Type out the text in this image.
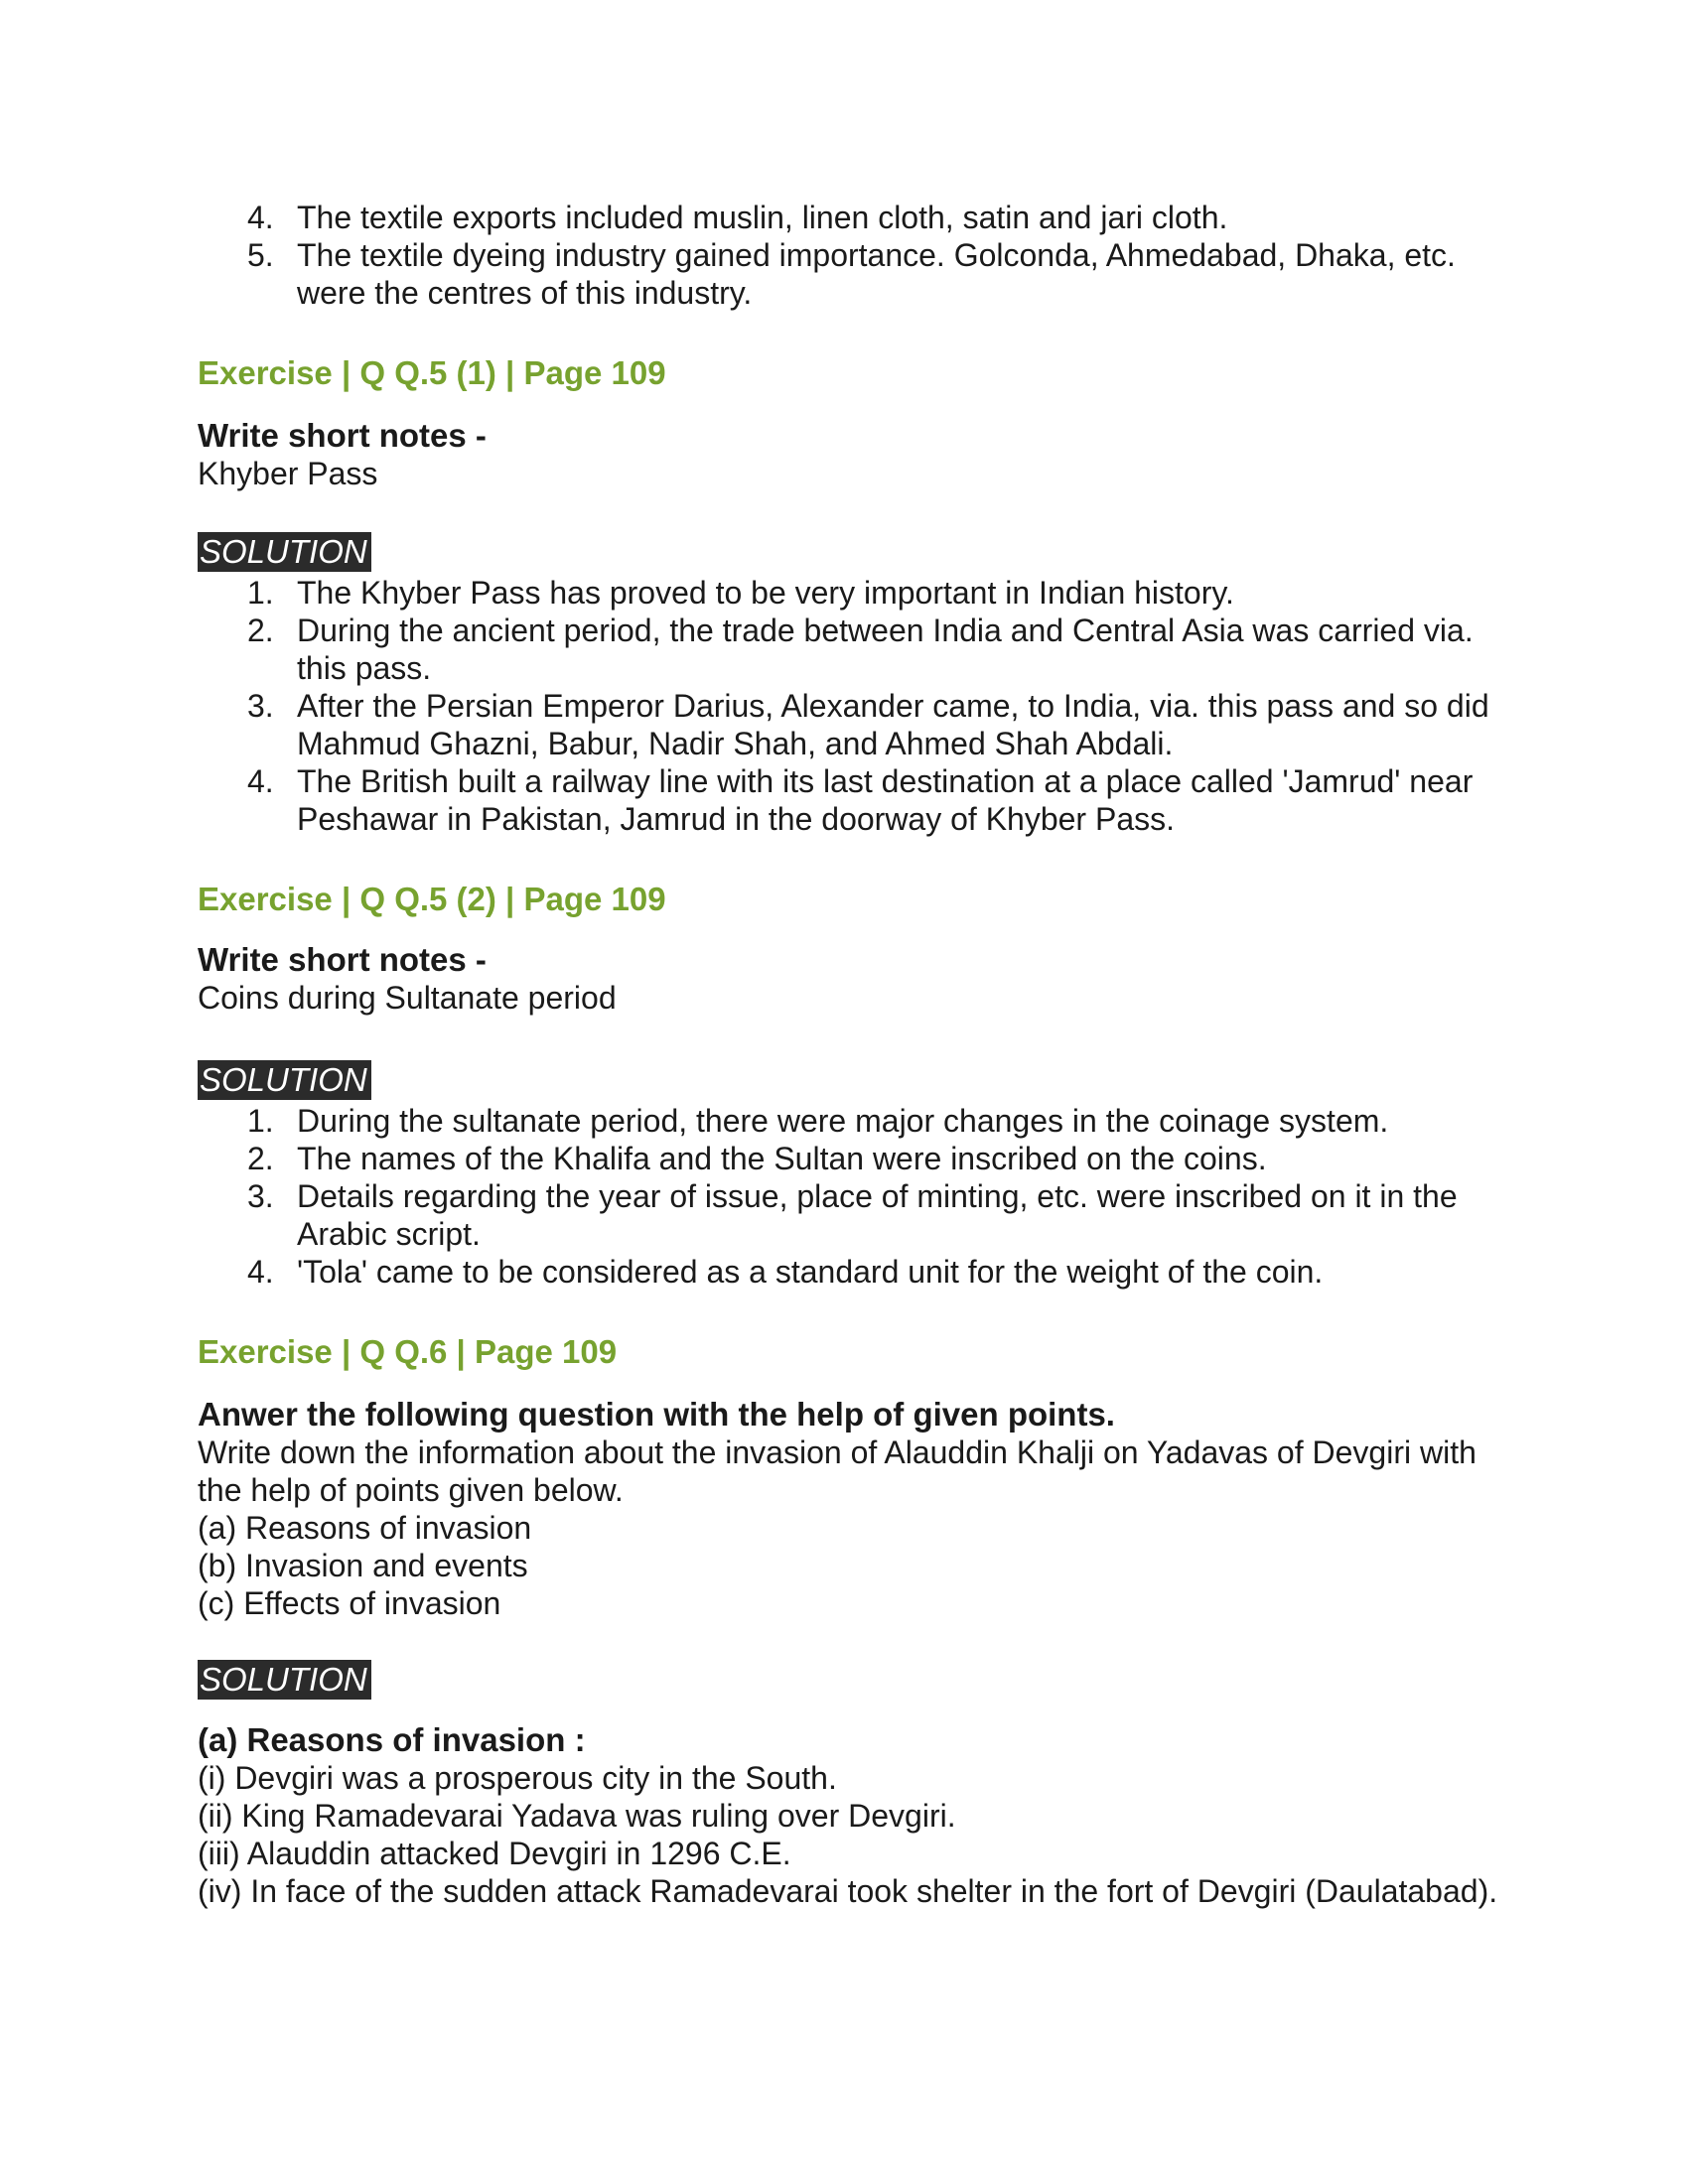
4. The textile exports included muslin, linen cloth, satin and jari cloth.
5. The textile dyeing industry gained importance. Golconda, Ahmedabad, Dhaka, etc. were the centres of this industry.
Exercise | Q Q.5 (1) | Page 109
Write short notes -
Khyber Pass
SOLUTION
1. The Khyber Pass has proved to be very important in Indian history.
2. During the ancient period, the trade between India and Central Asia was carried via. this pass.
3. After the Persian Emperor Darius, Alexander came, to India, via. this pass and so did Mahmud Ghazni, Babur, Nadir Shah, and Ahmed Shah Abdali.
4. The British built a railway line with its last destination at a place called 'Jamrud' near Peshawar in Pakistan, Jamrud in the doorway of Khyber Pass.
Exercise | Q Q.5 (2) | Page 109
Write short notes -
Coins during Sultanate period
SOLUTION
1. During the sultanate period, there were major changes in the coinage system.
2. The names of the Khalifa and the Sultan were inscribed on the coins.
3. Details regarding the year of issue, place of minting, etc. were inscribed on it in the Arabic script.
4. 'Tola' came to be considered as a standard unit for the weight of the coin.
Exercise | Q Q.6 | Page 109
Anwer the following question with the help of given points.
Write down the information about the invasion of Alauddin Khalji on Yadavas of Devgiri with the help of points given below.
(a) Reasons of invasion
(b) Invasion and events
(c) Effects of invasion
SOLUTION
(a) Reasons of invasion :
(i) Devgiri was a prosperous city in the South.
(ii) King Ramadevarai Yadava was ruling over Devgiri.
(iii) Alauddin attacked Devgiri in 1296 C.E.
(iv) In face of the sudden attack Ramadevarai took shelter in the fort of Devgiri (Daulatabad).
